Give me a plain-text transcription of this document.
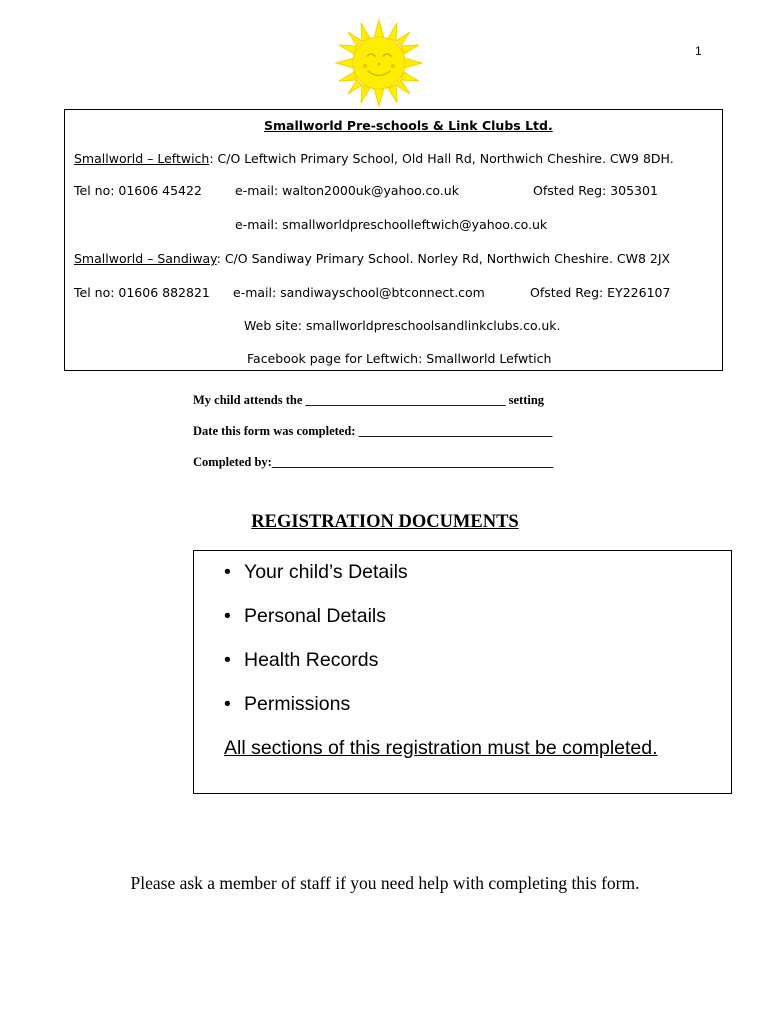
1
Smallworld Pre-schools & Link Clubs Ltd.
Smallworld – Leftwich: C/O Leftwich Primary School, Old Hall Rd, Northwich Cheshire. CW9 8DH.
Tel no: 01606 45422	e-mail: walton2000uk@yahoo.co.uk	Ofsted Reg: 305301
e-mail: smallworldpreschoolleftwich@yahoo.co.uk
Smallworld – Sandiway: C/O Sandiway Primary School. Norley Rd, Northwich Cheshire. CW8 2JX
Tel no: 01606 882821 e-mail: sandiwayschool@btconnect.com	Ofsted Reg: EY226107
Web site: smallworldpreschoolsandlinkclubs.co.uk.
Facebook page for Leftwich: Smallworld Lefwtich
My child attends the ________________________________ setting
Date this form was completed: _______________________________
Completed by:_____________________________________________
REGISTRATION DOCUMENTS
• Your child’s Details
• Personal Details
• Health Records
• Permissions
All sections of this registration must be completed.
Please ask a member of staff if you need help with completing this form.
